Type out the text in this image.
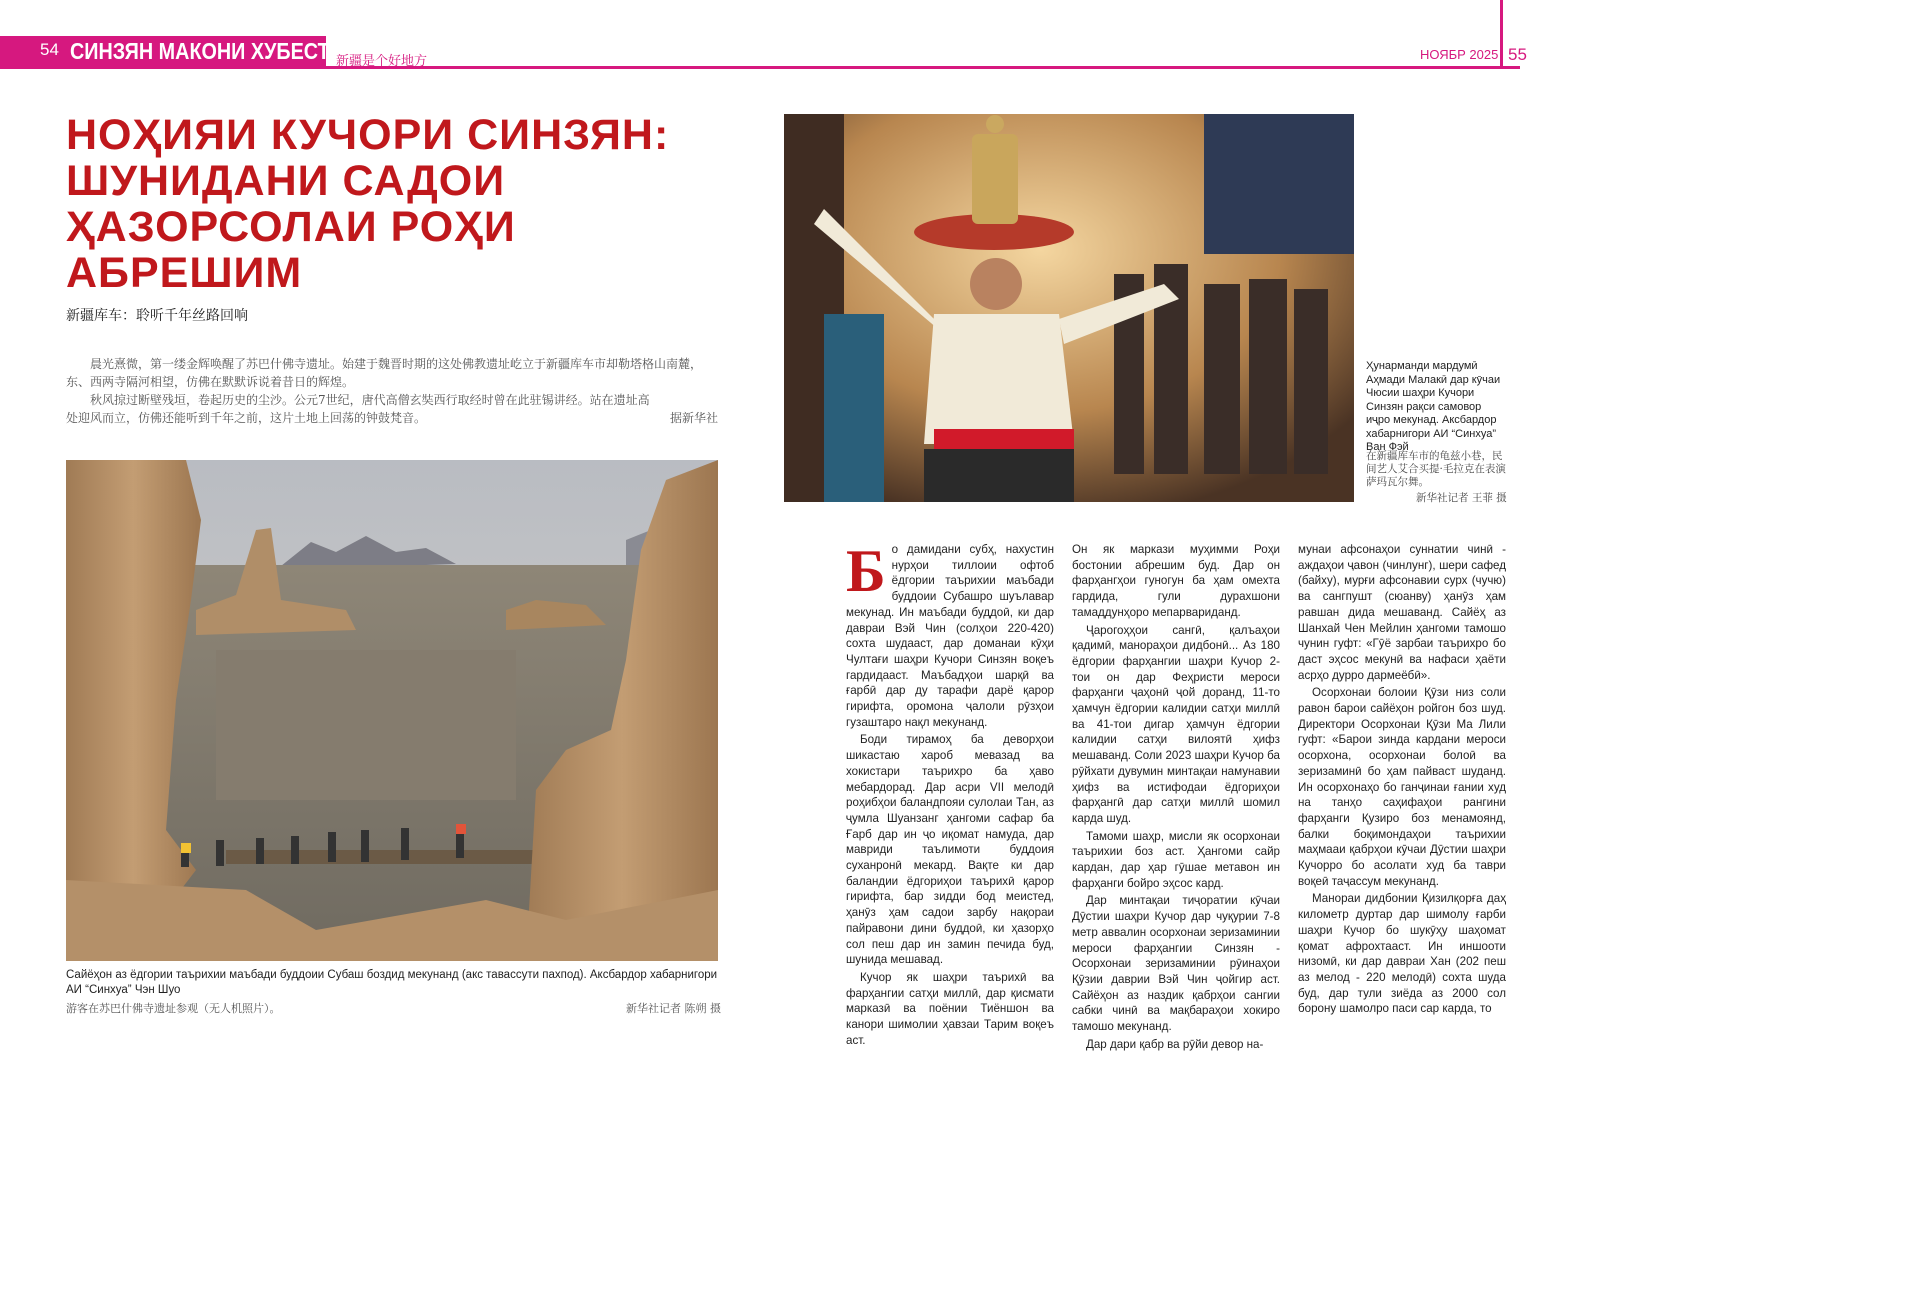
54 СИНЗЯН МАКОНИ ХУБЕСТ 新疆是个好地方	НОЯБР 2025 55
НОҲИЯИ КУЧОРИ СИНЗЯН: ШУНИДАНИ САДОИ ҲАЗОРСОЛАИ РОҲИ АБРЕШИМ
新疆库车：聆听千年丝路回响

晨光熹微，第一缕金辉唤醒了苏巴什佛寺遗址。始建于魏晋时期的这处佛教遗址屹立于新疆库车市却勒塔格山南麓，东、西两寺隔河相望，仿佛在默默诉说着昔日的辉煌。

秋风掠过断壁残垣，卷起历史的尘沙。公元7世纪，唐代高僧玄奘西行取经时曾在此驻锡讲经。站在遗址高处迎风而立，仿佛还能听到千年之前，这片土地上回荡的钟鼓梵音。	据新华社
Сайёҳон аз ёдгории таърихии маъбади буддоии Субаш боздид мекунанд (акс тавассути пахпод). Аксбардор хабарнигори АИ “Синхуа” Чэн Шуо
游客在苏巴什佛寺遗址参观（无人机照片）。	新华社记者 陈朔 摄
Ҳунарманди мардумӣ Аҳмади Малакӣ дар кӯчаи Чюсии шаҳри Кучори Синзян рақси самовор иҷро мекунад. Аксбардор хабарнигори АИ “Синхуа” Ван Фэй
在新疆库车市的龟兹小巷，民间艺人艾合买提·毛拉克在表演萨玛瓦尔舞。
新华社记者 王菲 摄

Бо дамидани субҳ, нахустин нурҳои тиллоии офтоб ёдгории таърихии маъбади буддоии Субашро шуълавар мекунад. Ин маъбади буддоӣ, ки дар давраи Вэй Чин (солҳои 220-420) сохта шудааст, дар доманаи кӯҳи Чултағи шаҳри Кучори Синзян воқеъ гардидааст. Маъбадҳои шарқӣ ва ғарбӣ дар ду тарафи дарё қарор гирифта, оромона ҷалоли рӯзҳои гузаштаро нақл мекунанд.

Боди тирамоҳ ба деворҳои шикастаю хароб мевазад ва хокистари таърихро ба ҳаво мебардорад. Дар асри VII мелодӣ роҳибҳои баландпояи сулолаи Тан, аз ҷумла Шуанзанг ҳангоми сафар ба Ғарб дар ин ҷо иқомат намуда, дар мавриди таълимоти буддоия суханронӣ мекард. Вақте ки дар баландии ёдгориҳои таърихӣ қарор гирифта, бар зидди бод меистед, ҳанӯз ҳам садои зарбу нақораи пайравони дини буддоӣ, ки ҳазорҳо сол пеш дар ин замин печида буд, шунида мешавад.

Кучор як шаҳри таърихӣ ва фарҳангии сатҳи миллӣ, дар қисмати марказӣ ва поёнии Тиёншон ва канори шимолии ҳавзаи Тарим воқеъ аст.

Он як маркази муҳимми Роҳи бостонии абрешим буд. Дар он фарҳангҳои гуногун ба ҳам омехта гардида, гули дурахшони тамаддунҳоро мепарвариданд.

Ҷарогоҳҳои сангӣ, қалъаҳои қадимӣ, манораҳои дидбонӣ... Аз 180 ёдгории фарҳангии шаҳри Кучор 2-тои он дар Феҳристи мероси фарҳанги ҷаҳонӣ ҷой доранд, 11-то ҳамчун ёдгории калидии сатҳи миллӣ ва 41-тои дигар ҳамчун ёдгории калидии сатҳи вилоятӣ ҳифз мешаванд. Соли 2023 шаҳри Кучор ба рӯйхати дувумин минтақаи намунавии ҳифз ва истифодаи ёдгориҳои фарҳангӣ дар сатҳи миллӣ шомил карда шуд.

Тамоми шаҳр, мисли як осорхонаи таърихии боз аст. Ҳангоми сайр кардан, дар ҳар гӯшае метавон ин фарҳанги бойро эҳсос кард.

Дар минтақаи тиҷоратии кӯчаи Дӯстии шаҳри Кучор дар чуқурии 7-8 метр аввалин осорхонаи зеризаминии мероси фарҳангии Синзян - Осорхонаи зеризаминии рӯинаҳои Қӯзии даврии Вэй Чин ҷойгир аст. Сайёҳон аз наздик қабрҳои сангии сабки чинӣ ва мақбараҳои хокиро тамошо мекунанд.

Дар дари қабр ва рӯйи девор на-

мунаи афсонаҳои суннатии чинӣ - аждаҳои ҷавон (чинлунг), шери сафед (байху), мурғи афсонавии сурх (чучю) ва сангпушт (сюанву) ҳанӯз ҳам равшан дида мешаванд. Сайёҳ аз Шанхай Чен Мейлин ҳангоми тамошо чунин гуфт: «Гӯё зарбаи таърихро бо даст эҳсос мекунӣ ва нафаси ҳаёти асрҳо дурро дармеёбӣ».

Осорхонаи болоии Қӯзи низ соли равон барои сайёҳон ройгон боз шуд. Директори Осорхонаи Қӯзи Ма Лили гуфт: «Барои зинда кардани мероси осорхона, осорхонаи болоӣ ва зеризаминӣ бо ҳам пайваст шуданд. Ин осорхонаҳо бо ганҷинаи ғании худ на танҳо саҳифаҳои рангини фарҳанги Қузиро боз менамоянд, балки боқимондаҳои таърихии маҳмааи қабрҳои кӯчаи Дӯстии шаҳри Кучорро бо асолати худ ба таври воқеӣ таҷассум мекунанд.

Манораи дидбонии Қизилқорға даҳ километр дуртар дар шимолу ғарби шаҳри Кучор бо шукӯҳу шаҳомат қомат афрохтааст. Ин иншооти низомӣ, ки дар давраи Хан (202 пеш аз мелод - 220 мелодӣ) сохта шуда буд, дар тули зиёда аз 2000 сол борону шамолро паси сар карда, то
